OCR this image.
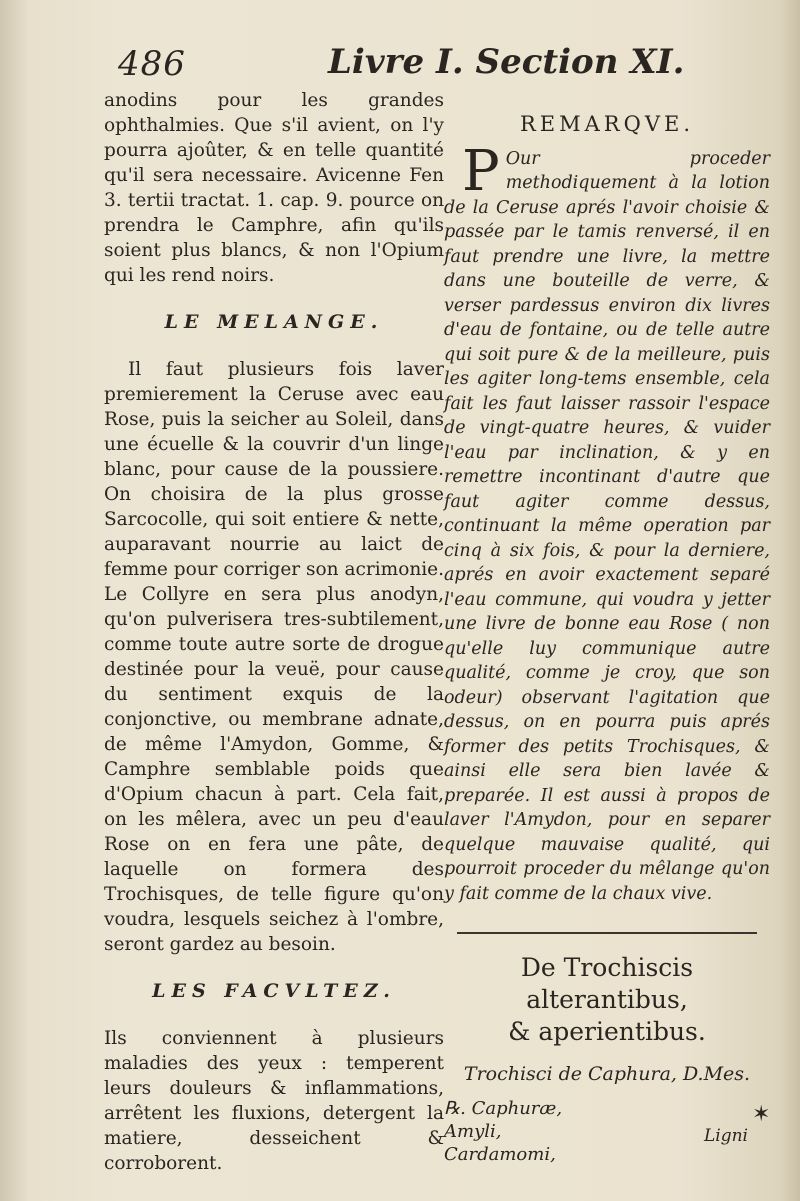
486	Livre I. Section XI.

anodins pour les grandes ophthalmies. Que s'il avient, on l'y pourra ajoûter, & en telle quantité qu'il sera necessaire. Avicenne Fen 3. tertii tractat. 1. cap. 9. pource on prendra le Camphre, afin qu'ils soient plus blancs, & non l'Opium qui les rend noirs.

LE MELANGE.

Il faut plusieurs fois laver premierement la Ceruse avec eau Rose, puis la seicher au Soleil, dans une écuelle & la couvrir d'un linge blanc, pour cause de la poussiere. On choisira de la plus grosse Sarcocolle, qui soit entiere & nette, auparavant nourrie au laict de femme pour corriger son acrimonie. Le Collyre en sera plus anodyn, qu'on pulverisera tres-subtilement, comme toute autre sorte de drogue destinée pour la veuë, pour cause du sentiment exquis de la conjonctive, ou membrane adnate, de même l'Amydon, Gomme, & Camphre semblable poids que d'Opium chacun à part. Cela fait, on les mêlera, avec un peu d'eau Rose on en fera une pâte, de laquelle on formera des Trochisques, de telle figure qu'on voudra, lesquels seichez à l'ombre, seront gardez au besoin.

LES FACVLTEZ.

Ils conviennent à plusieurs maladies des yeux : temperent leurs douleurs & inflammations, arrêtent les fluxions, detergent la matiere, desseichent & corroborent.

REMARQVE.

P Our proceder methodiquement à la lotion de la Ceruse aprés l'avoir choisie & passée par le tamis renversé, il en faut prendre une livre, la mettre dans une bouteille de verre, & verser pardessus environ dix livres d'eau de fontaine, ou de telle autre qui soit pure & de la meilleure, puis les agiter long-tems ensemble, cela fait les faut laisser rassoir l'espace de vingt-quatre heures, & vuider l'eau par inclination, & y en remettre incontinant d'autre que faut agiter comme dessus, continuant la même operation par cinq à six fois, & pour la derniere, aprés en avoir exactement separé l'eau commune, qui voudra y jetter une livre de bonne eau Rose ( non qu'elle luy communique autre qualité, comme je croy, que son odeur) observant l'agitation que dessus, on en pourra puis aprés former des petits Trochisques, & ainsi elle sera bien lavée & preparée. Il est aussi à propos de laver l'Amydon, pour en separer quelque mauvaise qualité, qui pourroit proceder du mêlange qu'on y fait comme de la chaux vive.

De Trochiscis alterantibus,

& aperientibus.

Trochisci de Caphura, D.Mes.

℞. Caphuræ,
Amyli,
Cardamomi,
✶
Ligni
